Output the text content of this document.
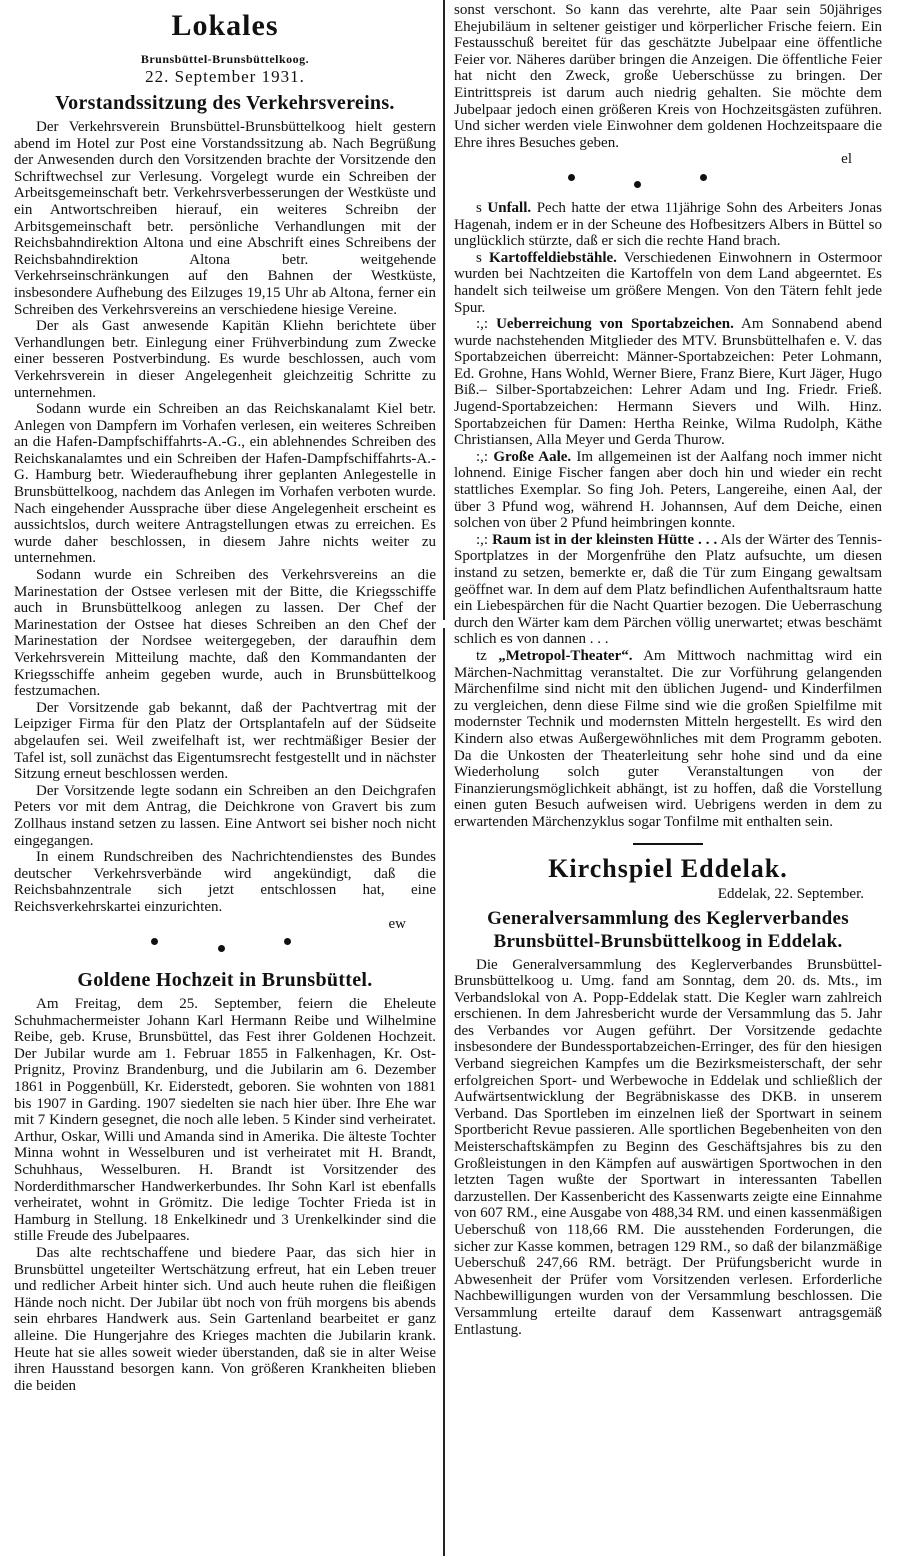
Lokales
Brunsbüttel-Brunsbüttelkoog.
22. September 1931.
Vorstandssitzung des Verkehrsvereins.

Der Verkehrsverein Brunsbüttel-Brunsbüttelkoog hielt gestern abend im Hotel zur Post eine Vorstandssitzung ab. Nach Begrüßung der Anwesenden durch den Vorsitzenden brachte der Vorsitzende den Schriftwechsel zur Verlesung. Vorgelegt wurde ein Schreiben der Arbeitsgemeinschaft betr. Verkehrsverbesserungen der Westküste und ein Antwortschreiben hierauf, ein weiteres Schreibn der Arbitsgemeinschaft betr. persönliche Verhandlungen mit der Reichsbahndirektion Altona und eine Abschrift eines Schreibens der Reichsbahndirektion Altona betr. weitgehende Verkehrseinschränkungen auf den Bahnen der Westküste, insbesondere Aufhebung des Eilzuges 19,15 Uhr ab Altona, ferner ein Schreiben des Verkehrsvereins an verschiedene hiesige Vereine.

Der als Gast anwesende Kapitän Kliehn berichtete über Verhandlungen betr. Einlegung einer Frühverbindung zum Zwecke einer besseren Postverbindung. Es wurde beschlossen, auch vom Verkehrsverein in dieser Angelegenheit gleichzeitig Schritte zu unternehmen.

Sodann wurde ein Schreiben an das Reichskanalamt Kiel betr. Anlegen von Dampfern im Vorhafen verlesen, ein weiteres Schreiben an die Hafen-Dampfschiffahrts-A.-G., ein ablehnendes Schreiben des Reichskanalamtes und ein Schreiben der Hafen-Dampfschiffahrts-A.-G. Hamburg betr. Wiederaufhebung ihrer geplanten Anlegestelle in Brunsbüttelkoog, nachdem das Anlegen im Vorhafen verboten wurde. Nach eingehender Aussprache über diese Angelegenheit erscheint es aussichtslos, durch weitere Antragstellungen etwas zu erreichen. Es wurde daher beschlossen, in diesem Jahre nichts weiter zu unternehmen.

Sodann wurde ein Schreiben des Verkehrsvereins an die Marinestation der Ostsee verlesen mit der Bitte, die Kriegsschiffe auch in Brunsbüttelkoog anlegen zu lassen. Der Chef der Marinestation der Ostsee hat dieses Schreiben an den Chef der Marinestation der Nordsee weitergegeben, der daraufhin dem Verkehrsverein Mitteilung machte, daß den Kommandanten der Kriegsschiffe anheim gegeben wurde, auch in Brunsbüttelkoog festzumachen.

Der Vorsitzende gab bekannt, daß der Pachtvertrag mit der Leipziger Firma für den Platz der Ortsplantafeln auf der Südseite abgelaufen sei. Weil zweifelhaft ist, wer rechtmäßiger Besier der Tafel ist, soll zunächst das Eigentumsrecht festgestellt und in nächster Sitzung erneut beschlossen werden.

Der Vorsitzende legte sodann ein Schreiben an den Deichgrafen Peters vor mit dem Antrag, die Deichkrone von Gravert bis zum Zollhaus instand setzen zu lassen. Eine Antwort sei bisher noch nicht eingegangen.

In einem Rundschreiben des Nachrichtendienstes des Bundes deutscher Verkehrsverbände wird angekündigt, daß die Reichsbahnzentrale sich jetzt entschlossen hat, eine Reichsverkehrskartei einzurichten.

ew
Goldene Hochzeit in Brunsbüttel.

Am Freitag, dem 25. September, feiern die Eheleute Schuhmachermeister Johann Karl Hermann Reibe und Wilhelmine Reibe, geb. Kruse, Brunsbüttel, das Fest ihrer Goldenen Hochzeit. Der Jubilar wurde am 1. Februar 1855 in Falkenhagen, Kr. Ost-Prignitz, Provinz Brandenburg, und die Jubilarin am 6. Dezember 1861 in Poggenbüll, Kr. Eiderstedt, geboren. Sie wohnten von 1881 bis 1907 in Garding. 1907 siedelten sie nach hier über. Ihre Ehe war mit 7 Kindern gesegnet, die noch alle leben. 5 Kinder sind verheiratet. Arthur, Oskar, Willi und Amanda sind in Amerika. Die älteste Tochter Minna wohnt in Wesselburen und ist verheiratet mit H. Brandt, Schuhhaus, Wesselburen. H. Brandt ist Vorsitzender des Norderdithmarscher Handwerkerbundes. Ihr Sohn Karl ist ebenfalls verheiratet, wohnt in Grömitz. Die ledige Tochter Frieda ist in Hamburg in Stellung. 18 Enkelkinedr und 3 Urenkelkinder sind die stille Freude des Jubelpaares.

Das alte rechtschaffene und biedere Paar, das sich hier in Brunsbüttel ungeteilter Wertschätzung erfreut, hat ein Leben treuer und redlicher Arbeit hinter sich. Und auch heute ruhen die fleißigen Hände noch nicht. Der Jubilar übt noch von früh morgens bis abends sein ehrbares Handwerk aus. Sein Gartenland bearbeitet er ganz alleine. Die Hungerjahre des Krieges machten die Jubilarin krank. Heute hat sie alles soweit wieder überstanden, daß sie in alter Weise ihren Hausstand besorgen kann. Von größeren Krankheiten blieben die beiden

sonst verschont. So kann das verehrte, alte Paar sein 50jähriges Ehejubiläum in seltener geistiger und körperlicher Frische feiern. Ein Festausschuß bereitet für das geschätzte Jubelpaar eine öffentliche Feier vor. Näheres darüber bringen die Anzeigen. Die öffentliche Feier hat nicht den Zweck, große Ueberschüsse zu bringen. Der Eintrittspreis ist darum auch niedrig gehalten. Sie möchte dem Jubelpaar jedoch einen größeren Kreis von Hochzeitsgästen zuführen. Und sicher werden viele Einwohner dem goldenen Hochzeitspaare die Ehre ihres Besuches geben.

el

s Unfall. Pech hatte der etwa 11jährige Sohn des Arbeiters Jonas Hagenah, indem er in der Scheune des Hofbesitzers Albers in Büttel so unglücklich stürzte, daß er sich die rechte Hand brach.

s Kartoffeldiebstähle. Verschiedenen Einwohnern in Ostermoor wurden bei Nachtzeiten die Kartoffeln von dem Land abgeerntet. Es handelt sich teilweise um größere Mengen. Von den Tätern fehlt jede Spur.

:,: Ueberreichung von Sportabzeichen. Am Sonnabend abend wurde nachstehenden Mitglieder des MTV. Brunsbüttelhafen e. V. das Sportabzeichen überreicht: Männer-Sportabzeichen: Peter Lohmann, Ed. Grohne, Hans Wohld, Werner Biere, Franz Biere, Kurt Jäger, Hugo Biß.– Silber-Sportabzeichen: Lehrer Adam und Ing. Friedr. Frieß. Jugend-Sportabzeichen: Hermann Sievers und Wilh. Hinz. Sportabzeichen für Damen: Hertha Reinke, Wilma Rudolph, Käthe Christiansen, Alla Meyer und Gerda Thurow.

:,: Große Aale. Im allgemeinen ist der Aalfang noch immer nicht lohnend. Einige Fischer fangen aber doch hin und wieder ein recht stattliches Exemplar. So fing Joh. Peters, Langereihe, einen Aal, der über 3 Pfund wog, während H. Johannsen, Auf dem Deiche, einen solchen von über 2 Pfund heimbringen konnte.

:,: Raum ist in der kleinsten Hütte . . . Als der Wärter des Tennis-Sportplatzes in der Morgenfrühe den Platz aufsuchte, um diesen instand zu setzen, bemerkte er, daß die Tür zum Eingang gewaltsam geöffnet war. In dem auf dem Platz befindlichen Aufenthaltsraum hatte ein Liebespärchen für die Nacht Quartier bezogen. Die Ueberraschung durch den Wärter kam dem Pärchen völlig unerwartet; etwas beschämt schlich es von dannen . . .

tz „Metropol-Theater“. Am Mittwoch nachmittag wird ein Märchen-Nachmittag veranstaltet. Die zur Vorführung gelangenden Märchenfilme sind nicht mit den üblichen Jugend- und Kinderfilmen zu vergleichen, denn diese Filme sind wie die großen Spielfilme mit modernster Technik und modernsten Mitteln hergestellt. Es wird den Kindern also etwas Außergewöhnliches mit dem Programm geboten. Da die Unkosten der Theaterleitung sehr hohe sind und da eine Wiederholung solch guter Veranstaltungen von der Finanzierungsmöglichkeit abhängt, ist zu hoffen, daß die Vorstellung einen guten Besuch aufweisen wird. Uebrigens werden in dem zu erwartenden Märchenzyklus sogar Tonfilme mit enthalten sein.

Kirchspiel Eddelak.
Eddelak, 22. September.
Generalversammlung des Keglerverbandes Brunsbüttel-Brunsbüttelkoog in Eddelak.

Die Generalversammlung des Keglerverbandes Brunsbüttel-Brunsbüttelkoog u. Umg. fand am Sonntag, dem 20. ds. Mts., im Verbandslokal von A. Popp-Eddelak statt. Die Kegler warn zahlreich erschienen. In dem Jahresbericht wurde der Versammlung das 5. Jahr des Verbandes vor Augen geführt. Der Vorsitzende gedachte insbesondere der Bundessportabzeichen-Erringer, des für den hiesigen Verband siegreichen Kampfes um die Bezirksmeisterschaft, der sehr erfolgreichen Sport- und Werbewoche in Eddelak und schließlich der Aufwärtsentwicklung der Begräbniskasse des DKB. in unserem Verband. Das Sportleben im einzelnen ließ der Sportwart in seinem Sportbericht Revue passieren. Alle sportlichen Begebenheiten von den Meisterschaftskämpfen zu Beginn des Geschäftsjahres bis zu den Großleistungen in den Kämpfen auf auswärtigen Sportwochen in den letzten Tagen wußte der Sportwart in interessanten Tabellen darzustellen. Der Kassenbericht des Kassenwarts zeigte eine Einnahme von 607 RM., eine Ausgabe von 488,34 RM. und einen kassenmäßigen Ueberschuß von 118,66 RM. Die ausstehenden Forderungen, die sicher zur Kasse kommen, betragen 129 RM., so daß der bilanzmäßige Ueberschuß 247,66 RM. beträgt. Der Prüfungsbericht wurde in Abwesenheit der Prüfer vom Vorsitzenden verlesen. Erforderliche Nachbewilligungen wurden von der Versammlung beschlossen. Die Versammlung erteilte darauf dem Kassenwart antragsgemäß Entlastung.
